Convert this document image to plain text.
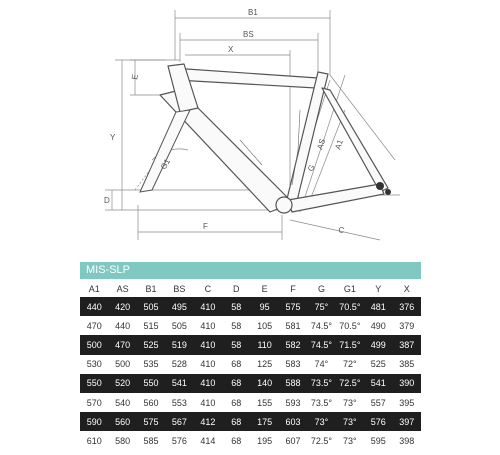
B1
BS
X
E
Y
G1
D
F
G
AS A1
C
MIS-SLP
A1	AS	B1	BS	C	D	E	F	G	G1	Y	X
440	420	505	495	410	58	95	575	75°	70.5°	481	376
470	440	515	505	410	58	105	581	74.5°	70.5°	490	379
500	470	525	519	410	58	110	582	74.5°	71.5°	499	387
530	500	535	528	410	68	125	583	74°	72°	525	385
550	520	550	541	410	68	140	588	73.5°	72.5°	541	390
570	540	560	553	410	68	155	593	73.5°	73°	557	395
590	560	575	567	412	68	175	603	73°	73°	576	397
610	580	585	576	414	68	195	607	72.5°	73°	595	398
